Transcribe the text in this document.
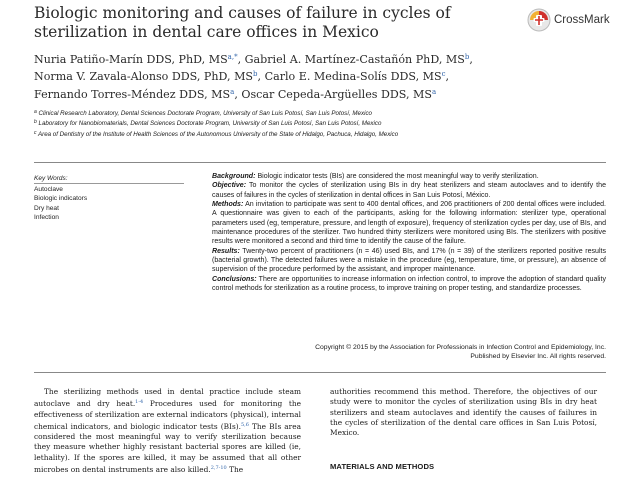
Biologic monitoring and causes of failure in cycles of sterilization in dental care offices in Mexico
CrossMark
Nuria Patiño-Marín DDS, PhD, $MS^{a,*}$, Gabriel A. Martínez-Castañón PhD, $MS^b$,
Norma V. Zavala-Alonso DDS, PhD, $MS^b$, Carlo E. Medina-Solís DDS, $MS^c$,
Fernando Torres-Méndez DDS, $MS^a$, Oscar Cepeda-Argüelles DDS, $MS^a$
$^a$ Clinical Research Laboratory, Dental Sciences Doctorate Program, University of San Luis Potosí, San Luis Potosí, Mexico
$^b$ Laboratory for Nanobiomaterials, Dental Sciences Doctorate Program, University of San Luis Potosí, San Luis Potosí, Mexico
$^c$ Area of Dentistry of the Institute of Health Sciences of the Autonomous University of the State of Hidalgo, Pachuca, Hidalgo, Mexico
Key Words:
Autoclave
Biologic indicators
Dry heat
Infection

Background: Biologic indicator tests (BIs) are considered the most meaningful way to verify sterilization.

Objective: To monitor the cycles of sterilization using BIs in dry heat sterilizers and steam autoclaves and to identify the causes of failures in the cycles of sterilization in dental offices in San Luis Potosí, México.

Methods: An invitation to participate was sent to 400 dental offices, and 206 practitioners of 200 dental offices were included. A questionnaire was given to each of the participants, asking for the following information: sterilizer type, operational parameters used (eg, temperature, pressure, and length of exposure), frequency of sterilization cycles per day, use of BIs, and maintenance procedures of the sterilizer. Two hundred thirty sterilizers were monitored using BIs. The sterilizers with positive results were monitored a second and third time to identify the cause of the failure.

Results: Twenty-two percent of practitioners (n = 46) used BIs, and 17% (n = 39) of the sterilizers reported positive results (bacterial growth). The detected failures were a mistake in the procedure (eg, temperature, time, or pressure), an absence of supervision of the procedure performed by the assistant, and improper maintenance.

Conclusions: There are opportunities to increase information on infection control, to improve the adoption of standard quality control methods for sterilization as a routine process, to improve training on proper testing, and standardize processes.

Copyright © 2015 by the Association for Professionals in Infection Control and Epidemiology, Inc.
Published by Elsevier Inc. All rights reserved.
The sterilizing methods used in dental practice include steam autoclave and dry heat.$^{1-4}$ Procedures used for monitoring the effectiveness of sterilization are external indicators (physical), internal chemical indicators, and biologic indicator tests (BIs).$^{5,6}$ The BIs area considered the most meaningful way to verify sterilization because they measure whether highly resistant bacterial spores are killed (ie, lethality). If the spores are killed, it may be assumed that all other microbes on dental instruments are also killed.$^{2,7-10}$ The
authorities recommend this method. Therefore, the objectives of our study were to monitor the cycles of sterilization using BIs in dry heat sterilizers and steam autoclaves and identify the causes of failures in the cycles of sterilization of the dental care offices in San Luis Potosí, Mexico.
MATERIALS AND METHODS
